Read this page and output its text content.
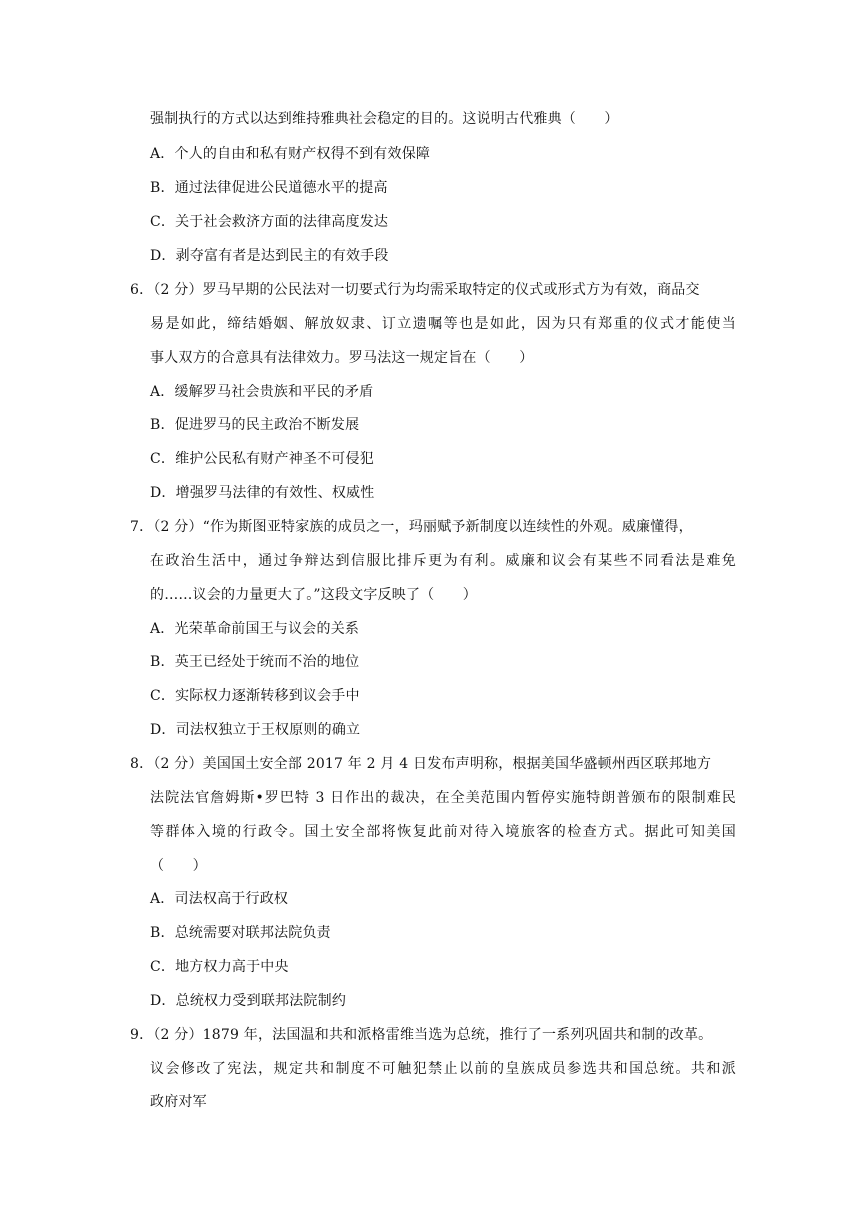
强制执行的方式以达到维持雅典社会稳定的目的。这说明古代雅典（　　）
A．个人的自由和私有财产权得不到有效保障
B．通过法律促进公民道德水平的提高
C．关于社会救济方面的法律高度发达
D．剥夺富有者是达到民主的有效手段
6．（2 分）罗马早期的公民法对一切要式行为均需采取特定的仪式或形式方为有效，商品交
易是如此，缔结婚姻、解放奴隶、订立遗嘱等也是如此，因为只有郑重的仪式才能使当
事人双方的合意具有法律效力。罗马法这一规定旨在（　　）
A．缓解罗马社会贵族和平民的矛盾
B．促进罗马的民主政治不断发展
C．维护公民私有财产神圣不可侵犯
D．增强罗马法律的有效性、权威性
7．（2 分）“作为斯图亚特家族的成员之一，玛丽赋予新制度以连续性的外观。威廉懂得，
在政治生活中，通过争辩达到信服比排斥更为有利。威廉和议会有某些不同看法是难免
的……议会的力量更大了。”这段文字反映了（　　）
A．光荣革命前国王与议会的关系
B．英王已经处于统而不治的地位
C．实际权力逐渐转移到议会手中
D．司法权独立于王权原则的确立
8．（2 分）美国国土安全部 2017 年 2 月 4 日发布声明称，根据美国华盛顿州西区联邦地方
法院法官詹姆斯•罗巴特 3 日作出的裁决，在全美范围内暂停实施特朗普颁布的限制难民
等群体入境的行政令。国土安全部将恢复此前对待入境旅客的检查方式。据此可知美国
（　　）
A．司法权高于行政权
B．总统需要对联邦法院负责
C．地方权力高于中央
D．总统权力受到联邦法院制约
9．（2 分）1879 年，法国温和共和派格雷维当选为总统，推行了一系列巩固共和制的改革。
议会修改了宪法，规定共和制度不可触犯禁止以前的皇族成员参选共和国总统。共和派
政府对军
